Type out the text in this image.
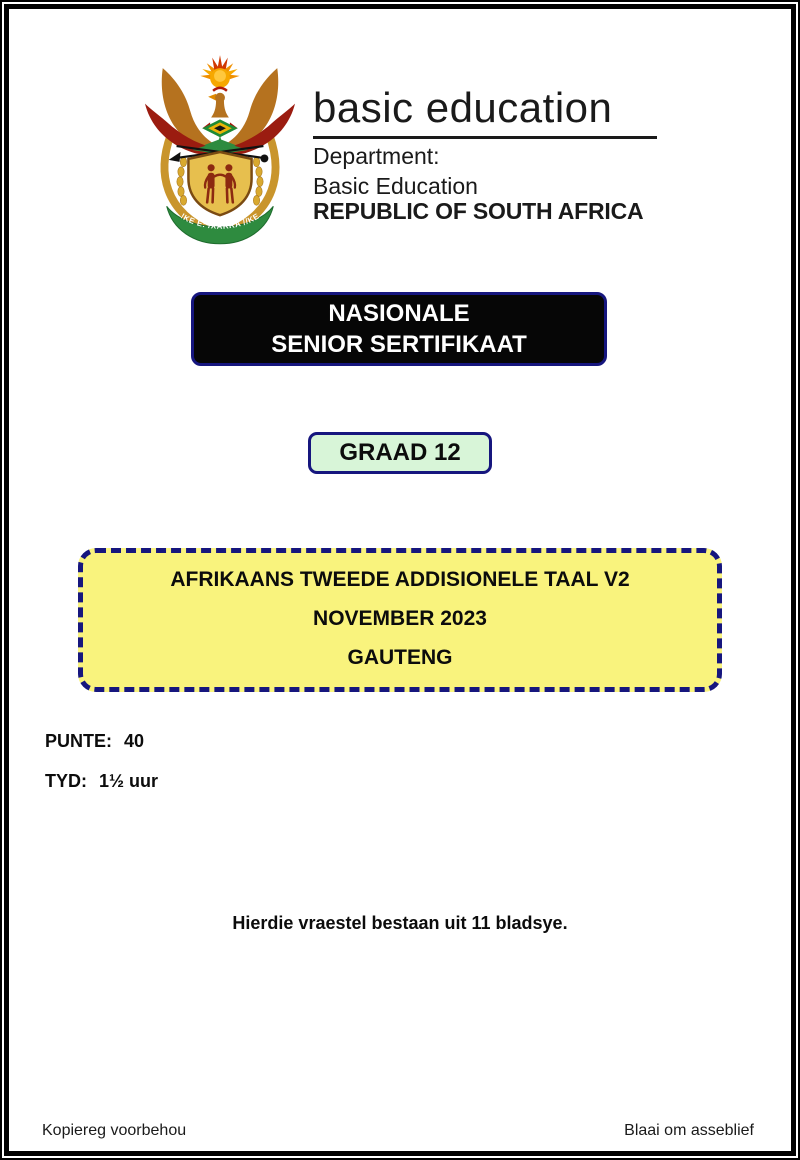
!KE E: /XARRA //KE
basic education
Department:
Basic Education
REPUBLIC OF SOUTH AFRICA
NASIONALE
SENIOR SERTIFIKAAT
GRAAD 12
AFRIKAANS TWEEDE ADDISIONELE TAAL V2
NOVEMBER 2023
GAUTENG
PUNTE: 40
TYD: 1½ uur
Hierdie vraestel bestaan uit 11 bladsye.
Kopiereg voorbehou	Blaai om asseblief
